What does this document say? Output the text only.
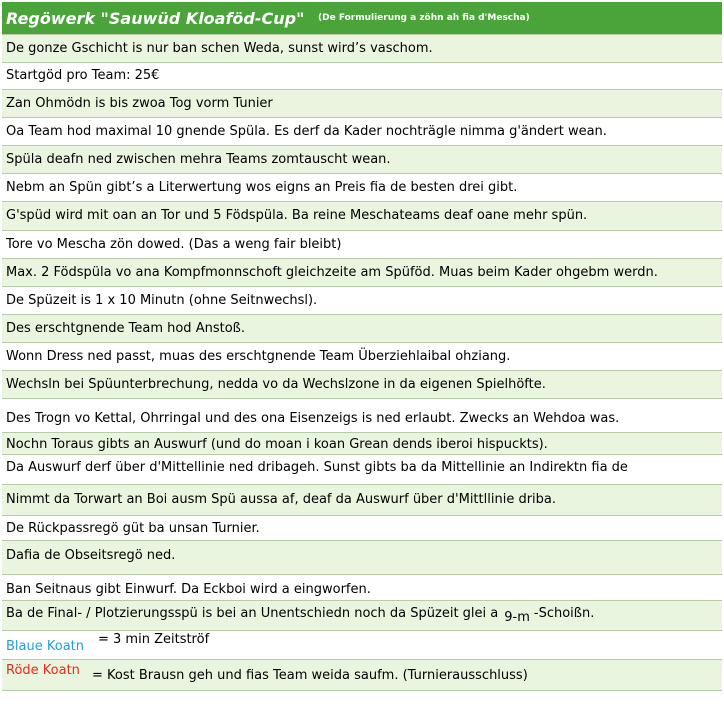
Regöwerk "Sauwüd Kloaföd-Cup" (De Formulierung a zöhn ah fia d'Mescha)
De gonze Gschicht is nur ban schen Weda, sunst wird’s vaschom.
Startgöd pro Team: 25€
Zan Ohmödn is bis zwoa Tog vorm Tunier
Oa Team hod maximal 10 gnende Spüla. Es derf da Kader nochträgle nimma g'ändert wean.
Spüla deafn ned zwischen mehra Teams zomtauscht wean.
Nebm an Spün gibt’s a Literwertung wos eigns an Preis fia de besten drei gibt.
G'spüd wird mit oan an Tor und 5 Födspüla. Ba reine Meschateams deaf oane mehr spün.
Tore vo Mescha zön dowed. (Das a weng fair bleibt)
Max. 2 Födspüla vo ana Kompfmonnschoft gleichzeite am Spüföd. Muas beim Kader ohgebm werdn.
De Spüzeit is 1 x 10 Minutn (ohne Seitnwechsl).
Des erschtgnende Team hod Anstoß.
Wonn Dress ned passt, muas des erschtgnende Team Überziehlaibal ohziang.
Wechsln bei Spüunterbrechung, nedda vo da Wechslzone in da eigenen Spielhöfte.
Des Trogn vo Kettal, Ohrringal und des ona Eisenzeigs is ned erlaubt. Zwecks an Wehdoa was.
Nochn Toraus gibts an Auswurf (und do moan i koan Grean dends iberoi hispuckts).
Da Auswurf derf über d'Mittellinie ned dribageh. Sunst gibts ba da Mittellinie an Indirektn fia de
Nimmt da Torwart an Boi ausm Spü aussa af, deaf da Auswurf über d'Mittllinie driba.
De Rückpassregö güt ba unsan Turnier.
Dafia de Obseitsregö ned.
Ban Seitnaus gibt Einwurf. Da Eckboi wird a eingworfen.
Ba de Final- / Plotzierungsspü is bei an Unentschiedn noch da Spüzeit glei a 9-m -Schoißn.
Blaue Koatn = 3 min Zeitströf
Röde Koatn = Kost Brausn geh und fias Team weida saufm. (Turnierausschluss)
